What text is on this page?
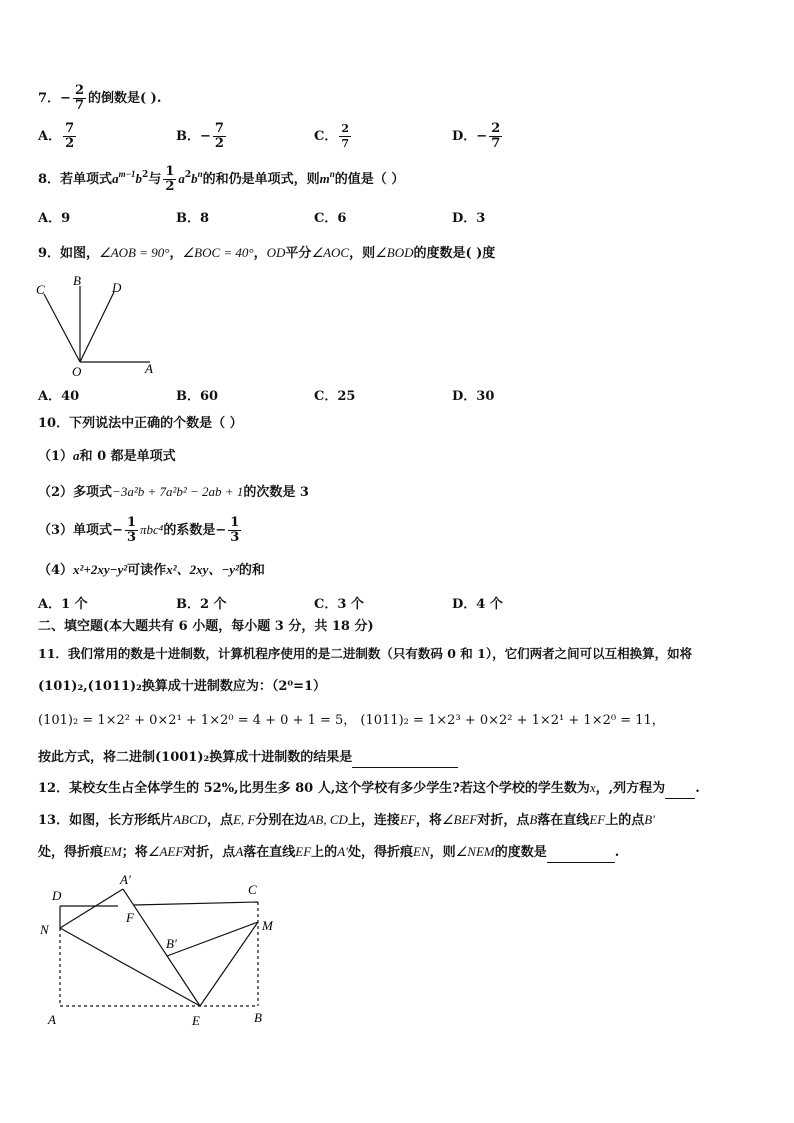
7．− $\frac{2}{7}$ 的倒数是( ).
A． $\frac{7}{2}$	B．− $\frac{7}{2}$	C． $\frac{2}{7}$	D．− $\frac{2}{7}$
8．若单项式$a^{m-1}b^2$与 $\frac{1}{2} a^2b^n$的和仍是单项式，则$m^n$的值是（ ）
A．9	B．8	C．6	D．3
9．如图，∠AOB = 90°，∠BOC = 40°，OD平分∠AOC，则∠BOD的度数是( )度
C
B D
O	A
A．40	B．60	C．25	D．30
10．下列说法中正确的个数是（ ）
（1）a和 0 都是单项式
（2）多项式−3a²b + 7a²b² − 2ab + 1的次数是 3
（3）单项式− $\frac{1}{3} \pi bc^4$的系数是− $\frac{1}{3}$
（4）x²+2xy−y²可读作x²、2xy、−y²的和
A．1 个	B．2 个	C．3 个	D．4 个
二、填空题(本大题共有 6 小题，每小题 3 分，共 18 分)
11．我们常用的数是十进制数，计算机程序使用的是二进制数（只有数码 0 和 1），它们两者之间可以互相换算，如将
(101)₂,(1011)₂换算成十进制数应为：（2⁰=1）
(101)₂ = 1×2² + 0×2¹ + 1×2⁰ = 4 + 0 + 1 = 5， (1011)₂ = 1×2³ + 0×2² + 1×2¹ + 1×2⁰ = 11，
按此方式，将二进制(1001)₂换算成十进制数的结果是
12．某校女生占全体学生的 52%,比男生多 80 人,这个学校有多少学生?若这个学校的学生数为x，,列方程为 .
13．如图，长方形纸片ABCD，点E, F分别在边AB, CD上，连接EF，将∠BEF对折，点B落在直线EF上的点B′
处，得折痕EM；将∠AEF对折，点A落在直线EF上的A′处，得折痕EN，则∠NEM的度数是	.
D
A′
C
F
N	M
B′
A	E	B
